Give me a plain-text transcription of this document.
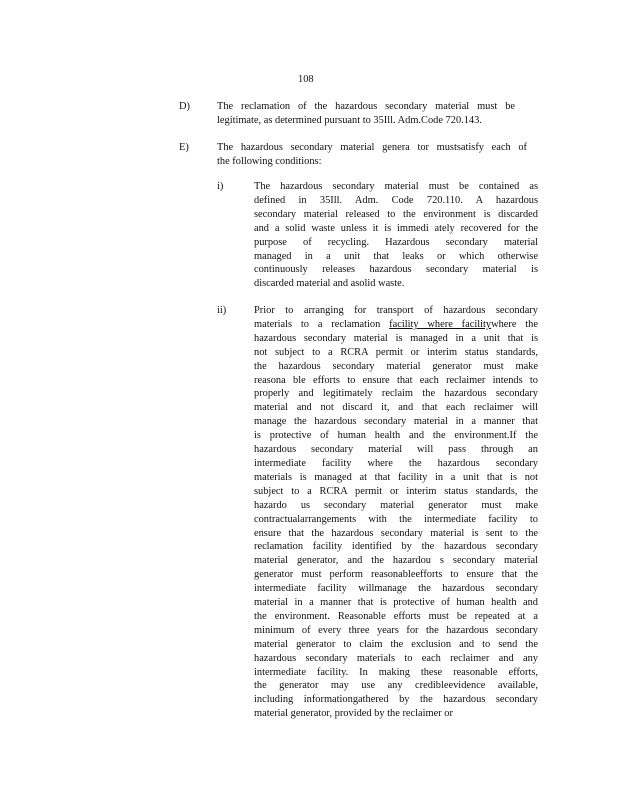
108
D)	The reclamation of the hazardous secondary material must be
legitimate, as determined pursuant to 35Ill. Adm.Code 720.143.
E)	The hazardous secondary material genera tor mustsatisfy each of
the following conditions:
i)	The hazardous secondary material must be contained as
defined in 35Ill. Adm. Code 720.110. A hazardous
secondary material released to the environment is discarded
and a solid waste unless it is immedi ately recovered for the
purpose of recycling. Hazardous secondary material
managed in a unit that leaks or which otherwise
continuously releases hazardous secondary material is
discarded material and asolid waste.
ii)	Prior to arranging for transport of hazardous secondary
materials to a reclamation facility where facilitywhere the
hazardous secondary material is managed in a unit that is
not subject to a RCRA permit or interim status standards,
the hazardous secondary material generator must make
reasona ble efforts to ensure that each reclaimer intends to
properly and legitimately reclaim the hazardous secondary
material and not discard it, and that each reclaimer will
manage the hazardous secondary material in a manner that
is protective of human health and the environment.If the
hazardous secondary material will pass through an
intermediate facility where the hazardous secondary
materials is managed at that facility in a unit that is not
subject to a RCRA permit or interim status standards, the
hazardo us secondary material generator must make
contractualarrangements with the intermediate facility to
ensure that the hazardous secondary material is sent to the
reclamation facility identified by the hazardous secondary
material generator, and the hazardou s secondary material
generator must perform reasonableefforts to ensure that the
intermediate facility willmanage the hazardous secondary
material in a manner that is protective of human health and
the environment. Reasonable efforts must be repeated at a
minimum of every three years for the hazardous secondary
material generator to claim the exclusion and to send the
hazardous secondary materials to each reclaimer and any
intermediate facility. In making these reasonable efforts,
the generator may use any credibleevidence available,
including informationgathered by the hazardous secondary
material generator, provided by the reclaimer or
